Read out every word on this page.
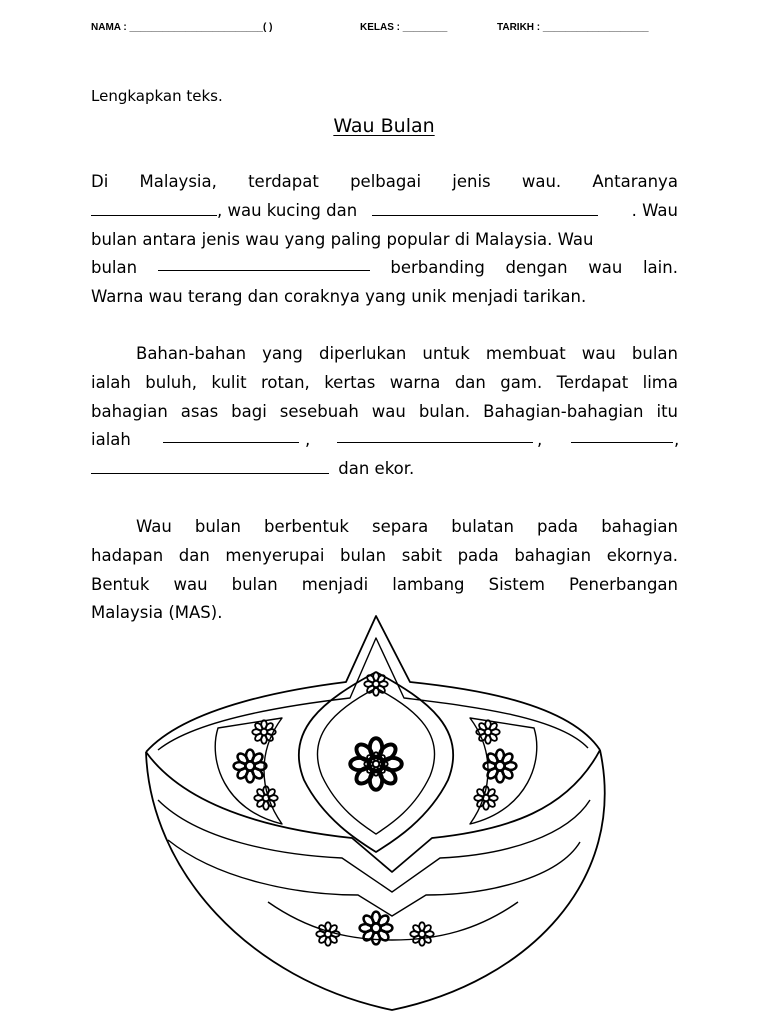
NAMA : ________________________( )	KELAS : ________	TARIKH : ___________________
Lengkapkan teks.
Wau Bulan
Di Malaysia, terdapat pelbagai jenis wau. Antaranya
, wau kucing dan	. Wau
bulan antara jenis wau yang paling popular di Malaysia. Wau
bulan	berbanding dengan wau lain.
Warna wau terang dan coraknya yang unik menjadi tarikan.
Bahan-bahan yang diperlukan untuk membuat wau bulan
ialah buluh, kulit rotan, kertas warna dan gam. Terdapat lima
bahagian asas bagi sesebuah wau bulan. Bahagian-bahagian itu
ialah	,	,	,
dan ekor.
Wau bulan berbentuk separa bulatan pada bahagian
hadapan dan menyerupai bulan sabit pada bahagian ekornya.
Bentuk wau bulan menjadi lambang Sistem Penerbangan
Malaysia (MAS).
